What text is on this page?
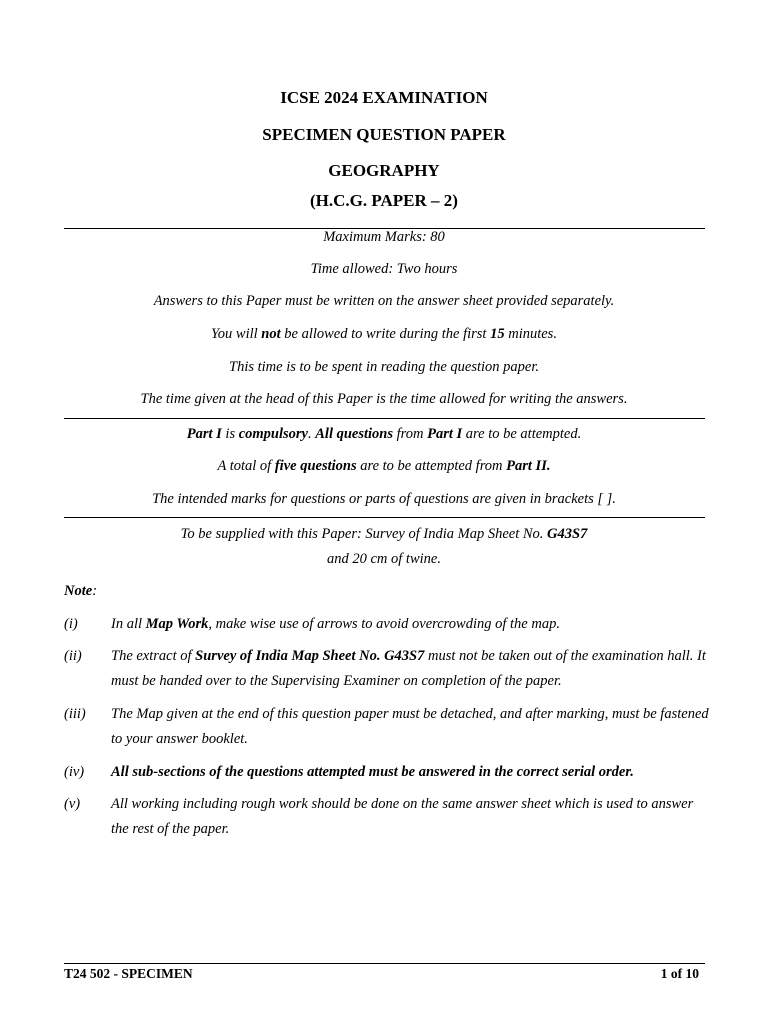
ICSE 2024 EXAMINATION
SPECIMEN QUESTION PAPER
GEOGRAPHY
(H.C.G. PAPER – 2)
Maximum Marks: 80
Time allowed: Two hours
Answers to this Paper must be written on the answer sheet provided separately.
You will not be allowed to write during the first 15 minutes.
This time is to be spent in reading the question paper.
The time given at the head of this Paper is the time allowed for writing the answers.
Part I is compulsory. All questions from Part I are to be attempted.
A total of five questions are to be attempted from Part II.
The intended marks for questions or parts of questions are given in brackets [ ].
To be supplied with this Paper: Survey of India Map Sheet No. G43S7
and 20 cm of twine.
Note:
(i) In all Map Work, make wise use of arrows to avoid overcrowding of the map.
(ii) The extract of Survey of India Map Sheet No. G43S7 must not be taken out of the examination hall. It must be handed over to the Supervising Examiner on completion of the paper.
(iii) The Map given at the end of this question paper must be detached, and after marking, must be fastened to your answer booklet.
(iv) All sub-sections of the questions attempted must be answered in the correct serial order.
(v) All working including rough work should be done on the same answer sheet which is used to answer the rest of the paper.
T24 502 - SPECIMEN	1 of 10
